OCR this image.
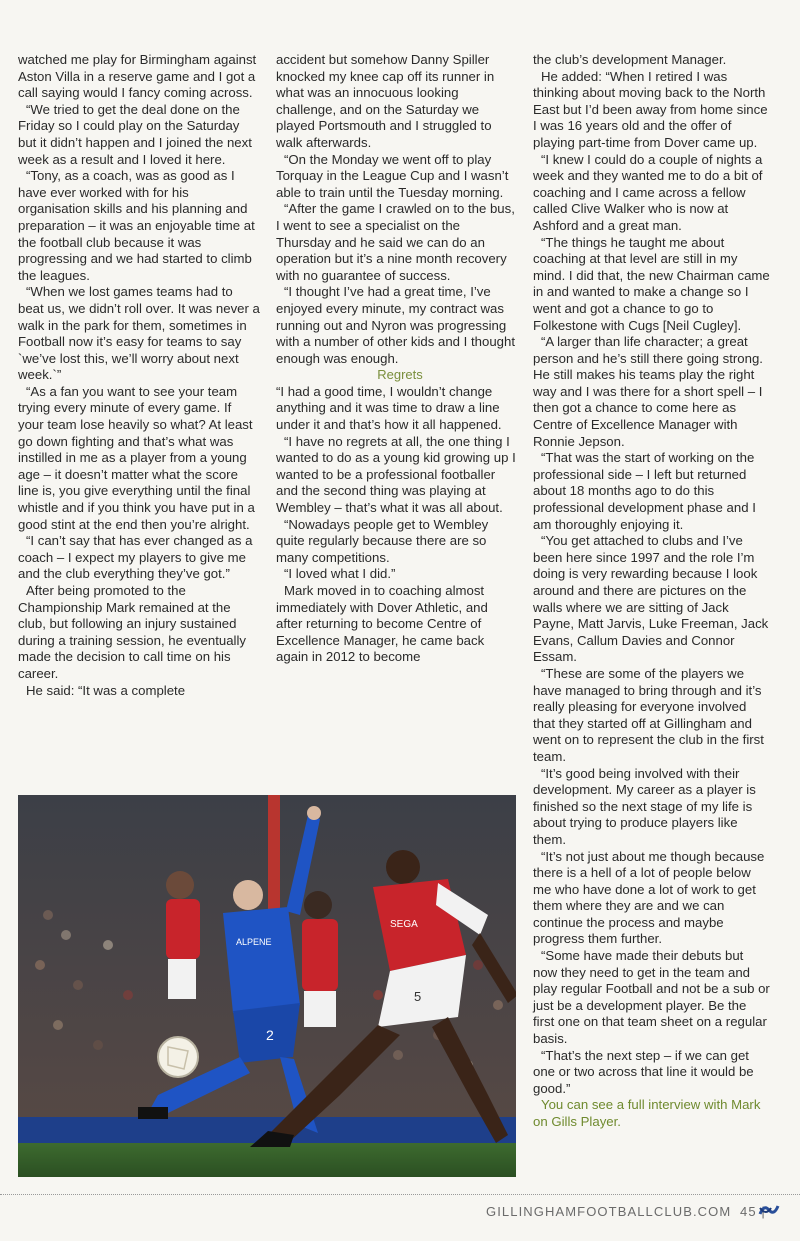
watched me play for Birmingham against Aston Villa in a reserve game and I got a call saying would I fancy coming across.

“We tried to get the deal done on the Friday so I could play on the Saturday but it didn’t happen and I joined the next week as a result and I loved it here.

“Tony, as a coach, was as good as I have ever worked with for his organisation skills and his planning and preparation – it was an enjoyable time at the football club because it was progressing and we had started to climb the leagues.

“When we lost games teams had to beat us, we didn’t roll over. It was never a walk in the park for them, sometimes in Football now it’s easy for teams to say `we’ve lost this, we’ll worry about next week.`”

“As a fan you want to see your team trying every minute of every game. If your team lose heavily so what? At least go down fighting and that’s what was instilled in me as a player from a young age – it doesn’t matter what the score line is, you give everything until the final whistle and if you think you have put in a good stint at the end then you’re alright.

“I can’t say that has ever changed as a coach – I expect my players to give me and the club everything they’ve got.”

After being promoted to the Championship Mark remained at the club, but following an injury sustained during a training session, he eventually made the decision to call time on his career.

He said: “It was a complete

accident but somehow Danny Spiller knocked my knee cap off its runner in what was an innocuous looking challenge, and on the Saturday we played Portsmouth and I struggled to walk afterwards.

“On the Monday we went off to play Torquay in the League Cup and I wasn’t able to train until the Tuesday morning.

“After the game I crawled on to the bus, I went to see a specialist on the Thursday and he said we can do an operation but it’s a nine month recovery with no guarantee of success.

“I thought I’ve had a great time, I’ve enjoyed every minute, my contract was running out and Nyron was progressing with a number of other kids and I thought enough was enough.

Regrets

“I had a good time, I wouldn’t change anything and it was time to draw a line under it and that’s how it all happened.

“I have no regrets at all, the one thing I wanted to do as a young kid growing up I wanted to be a professional footballer and the second thing was playing at Wembley – that’s what it was all about.

“Nowadays people get to Wembley quite regularly because there are so many competitions.

“I loved what I did.”

Mark moved in to coaching almost immediately with Dover Athletic, and after returning to become Centre of Excellence Manager, he came back again in 2012 to become

the club’s development Manager.

He added: “When I retired I was thinking about moving back to the North East but I’d been away from home since I was 16 years old and the offer of playing part-time from Dover came up.

“I knew I could do a couple of nights a week and they wanted me to do a bit of coaching and I came across a fellow called Clive Walker who is now at Ashford and a great man.

“The things he taught me about coaching at that level are still in my mind. I did that, the new Chairman came in and wanted to make a change so I went and got a chance to go to Folkestone with Cugs [Neil Cugley].

“A larger than life character; a great person and he’s still there going strong. He still makes his teams play the right way and I was there for a short spell – I then got a chance to come here as Centre of Excellence Manager with Ronnie Jepson.

“That was the start of working on the professional side – I left but returned about 18 months ago to do this professional development phase and I am thoroughly enjoying it.

“You get attached to clubs and I’ve been here since 1997 and the role I’m doing is very rewarding because I look around and there are pictures on the walls where we are sitting of Jack Payne, Matt Jarvis, Luke Freeman, Jack Evans, Callum Davies and Connor Essam.

“These are some of the players we have managed to bring through and it’s really pleasing for everyone involved that they started off at Gillingham and went on to represent the club in the first team.

“It’s good being involved with their development. My career as a player is finished so the next stage of my life is about trying to produce players like them.

“It’s not just about me though because there is a hell of a lot of people below me who have done a lot of work to get them where they are and we can continue the process and maybe progress them further.

“Some have made their debuts but now they need to get in the team and play regular Football and not be a sub or just be a development player. Be the first one on that team sheet on a regular basis.

“That’s the next step – if we can get one or two across that line it would be good.”

You can see a full interview with Mark on Gills Player.

ALPENE
2
SEGA
5
GILLINGHAMFOOTBALLCLUB.COM 45 |
